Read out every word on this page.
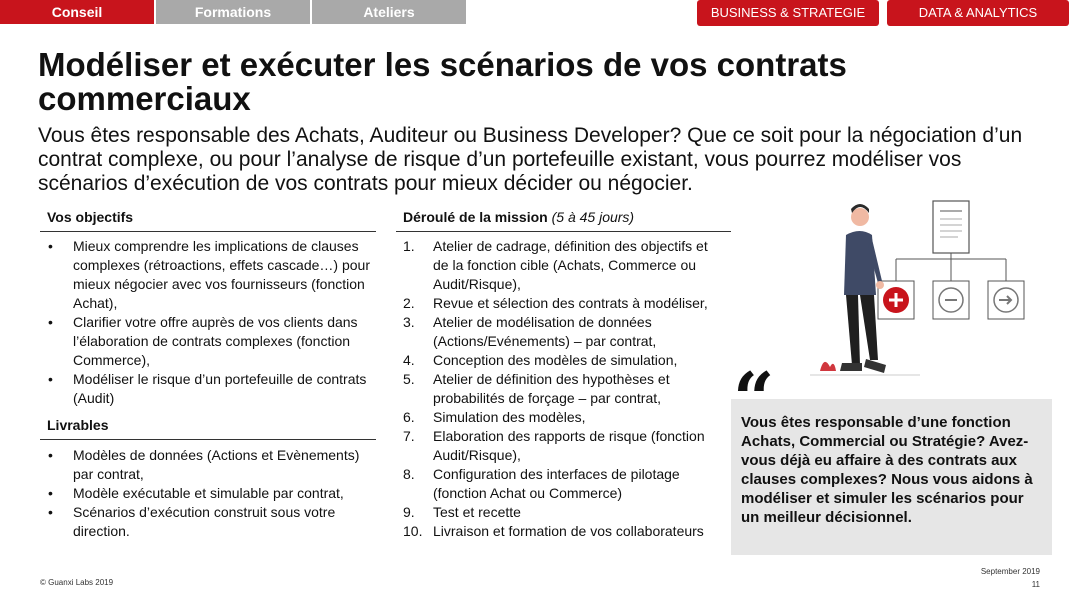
Conseil	Formations	Ateliers	BUSINESS & STRATEGIE	DATA & ANALYTICS
Modéliser et exécuter les scénarios de vos contrats commerciaux

Vous êtes responsable des Achats, Auditeur ou Business Developer? Que ce soit pour la négociation d’un contrat complexe, ou pour l’analyse de risque d’un portefeuille existant, vous pourrez modéliser vos scénarios d’exécution de vos contrats pour mieux décider ou négocier.

Vos objectifs
• Mieux comprendre les implications de clauses complexes (rétroactions, effets cascade…) pour mieux négocier avec vos fournisseurs (fonction Achat),
• Clarifier votre offre auprès de vos clients dans l’élaboration de contrats complexes (fonction Commerce),
• Modéliser le risque d’un portefeuille de contrats (Audit)
Livrables
• Modèles de données (Actions et Evènements) par contrat,
• Modèle exécutable et simulable par contrat,
• Scénarios d’exécution construit sous votre direction.
Déroulé de la mission (5 à 45 jours)
1. Atelier de cadrage, définition des objectifs et de la fonction cible (Achats, Commerce ou Audit/Risque),
2. Revue et sélection des contrats à modéliser,
3. Atelier de modélisation de données (Actions/Evénements) – par contrat,
4. Conception des modèles de simulation,
5. Atelier de définition des hypothèses et probabilités de forçage – par contrat,
6. Simulation des modèles,
7. Elaboration des rapports de risque (fonction Audit/Risque),
8. Configuration des interfaces de pilotage (fonction Achat ou Commerce)
9. Test et recette
10. Livraison et formation de vos collaborateurs
Vous êtes responsable d’une fonction Achats, Commercial ou Stratégie? Avez-vous déjà eu affaire à des contrats aux clauses complexes? Nous vous aidons à modéliser et simuler les scénarios pour un meilleur décisionnel.
© Guanxi Labs 2019
September 2019
11
